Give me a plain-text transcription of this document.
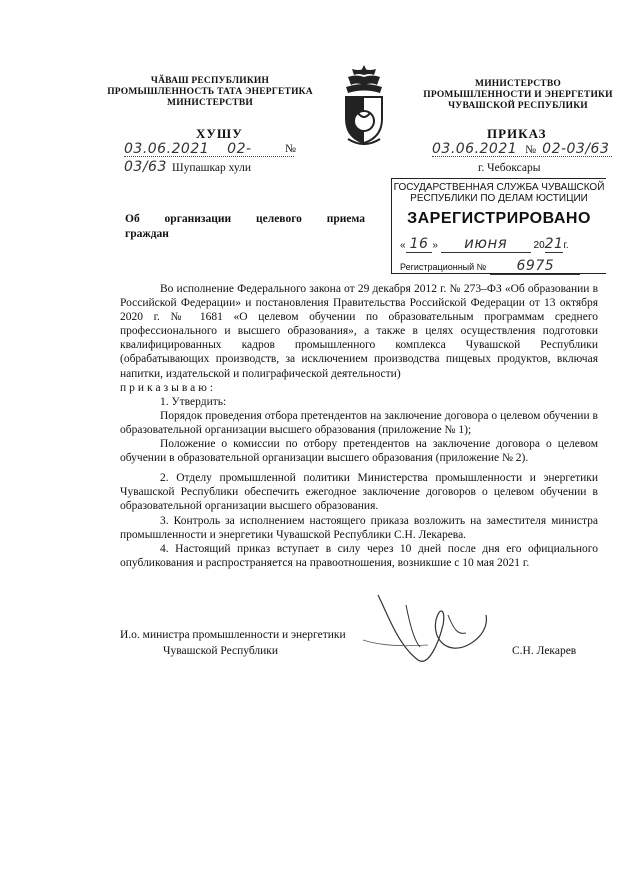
ЧӐВАШ РЕСПУБЛИКИН
ПРОМЫШЛЕННОСТЬ ТАТА ЭНЕРГЕТИКА
МИНИСТЕРСТВИ
МИНИСТЕРСТВО
ПРОМЫШЛЕННОСТИ И ЭНЕРГЕТИКИ
ЧУВАШСКОЙ РЕСПУБЛИКИ
ХУШУ	ПРИКАЗ
03.06.2021 02-03/63
№
Шупашкар хули
03.06.2021 № 02-03/63
г. Чебоксары
ГОСУДАРСТВЕННАЯ СЛУЖБА ЧУВАШСКОЙ
РЕСПУБЛИКИ ПО ДЕЛАМ ЮСТИЦИИ
ЗАРЕГИСТРИРОВАНО
« 16 » июня	2021г.
Регистрационный № 6975
Об организации целевого приема граждан

Во исполнение Федерального закона от 29 декабря 2012 г. № 273–ФЗ «Об образовании в Российской Федерации» и постановления Правительства Российской Федерации от 13 октября 2020 г. № 1681 «О целевом обучении по образовательным программам среднего профессионального и высшего образования», а также в целях осуществления подготовки квалифицированных кадров промышленного комплекса Чувашской Республики (обрабатывающих производств, за исключением производства пищевых продуктов, включая напитки, издательской и полиграфической деятельности)

приказываю:

1. Утвердить:

Порядок проведения отбора претендентов на заключение договора о целевом обучении в образовательной организации высшего образования (приложение № 1);

Положение о комиссии по отбору претендентов на заключение договора о целевом обучении в образовательной организации высшего образования (приложение № 2).

2. Отделу промышленной политики Министерства промышленности и энергетики Чувашской Республики обеспечить ежегодное заключение договоров о целевом обучении в образовательной организации высшего образования.

3. Контроль за исполнением настоящего приказа возложить на заместителя министра промышленности и энергетики Чувашской Республики С.Н. Лекарева.

4. Настоящий приказ вступает в силу через 10 дней после дня его официального опубликования и распространяется на правоотношения, возникшие с 10 мая 2021 г.

И.о. министра промышленности и энергетики
Чувашской Республики	С.Н. Лекарев
